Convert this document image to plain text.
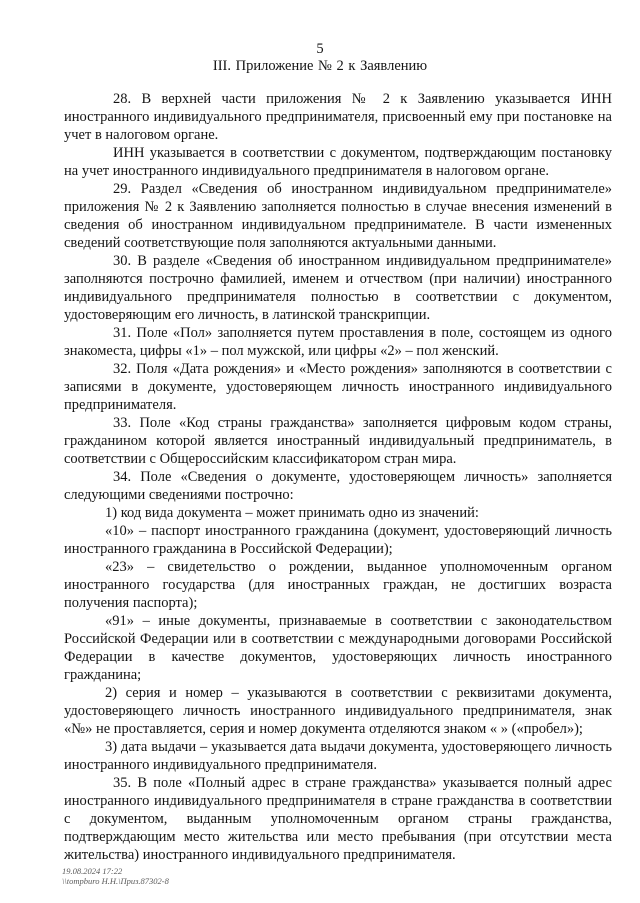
5
III. Приложение № 2 к Заявлению

28. В верхней части приложения № 2 к Заявлению указывается ИНН иностранного индивидуального предпринимателя, присвоенный ему при постановке на учет в налоговом органе.

ИНН указывается в соответствии с документом, подтверждающим постановку на учет иностранного индивидуального предпринимателя в налоговом органе.

29. Раздел «Сведения об иностранном индивидуальном предпринимателе» приложения № 2 к Заявлению заполняется полностью в случае внесения изменений в сведения об иностранном индивидуальном предпринимателе. В части измененных сведений соответствующие поля заполняются актуальными данными.

30. В разделе «Сведения об иностранном индивидуальном предпринимателе» заполняются построчно фамилией, именем и отчеством (при наличии) иностранного индивидуального предпринимателя полностью в соответствии с документом, удостоверяющим его личность, в латинской транскрипции.

31. Поле «Пол» заполняется путем проставления в поле, состоящем из одного знакоместа, цифры «1» – пол мужской, или цифры «2» – пол женский.

32. Поля «Дата рождения» и «Место рождения» заполняются в соответствии с записями в документе, удостоверяющем личность иностранного индивидуального предпринимателя.

33. Поле «Код страны гражданства» заполняется цифровым кодом страны, гражданином которой является иностранный индивидуальный предприниматель, в соответствии с Общероссийским классификатором стран мира.

34. Поле «Сведения о документе, удостоверяющем личность» заполняется следующими сведениями построчно:

1) код вида документа – может принимать одно из значений:

«10» – паспорт иностранного гражданина (документ, удостоверяющий личность иностранного гражданина в Российской Федерации);

«23» – свидетельство о рождении, выданное уполномоченным органом иностранного государства (для иностранных граждан, не достигших возраста получения паспорта);

«91» – иные документы, признаваемые в соответствии с законодательством Российской Федерации или в соответствии с международными договорами Российской Федерации в качестве документов, удостоверяющих личность иностранного гражданина;

2) серия и номер – указываются в соответствии с реквизитами документа, удостоверяющего личность иностранного индивидуального предпринимателя, знак «№» не проставляется, серия и номер документа отделяются знаком « » («пробел»);

3) дата выдачи – указывается дата выдачи документа, удостоверяющего личность иностранного индивидуального предпринимателя.

35. В поле «Полный адрес в стране гражданства» указывается полный адрес иностранного индивидуального предпринимателя в стране гражданства в соответствии с документом, выданным уполномоченным органом страны гражданства, подтверждающим место жительства или место пребывания (при отсутствии места жительства) иностранного индивидуального предпринимателя.

19.08.2024 17:22
\\tompburo Н.Н.\Приз.87302-8
